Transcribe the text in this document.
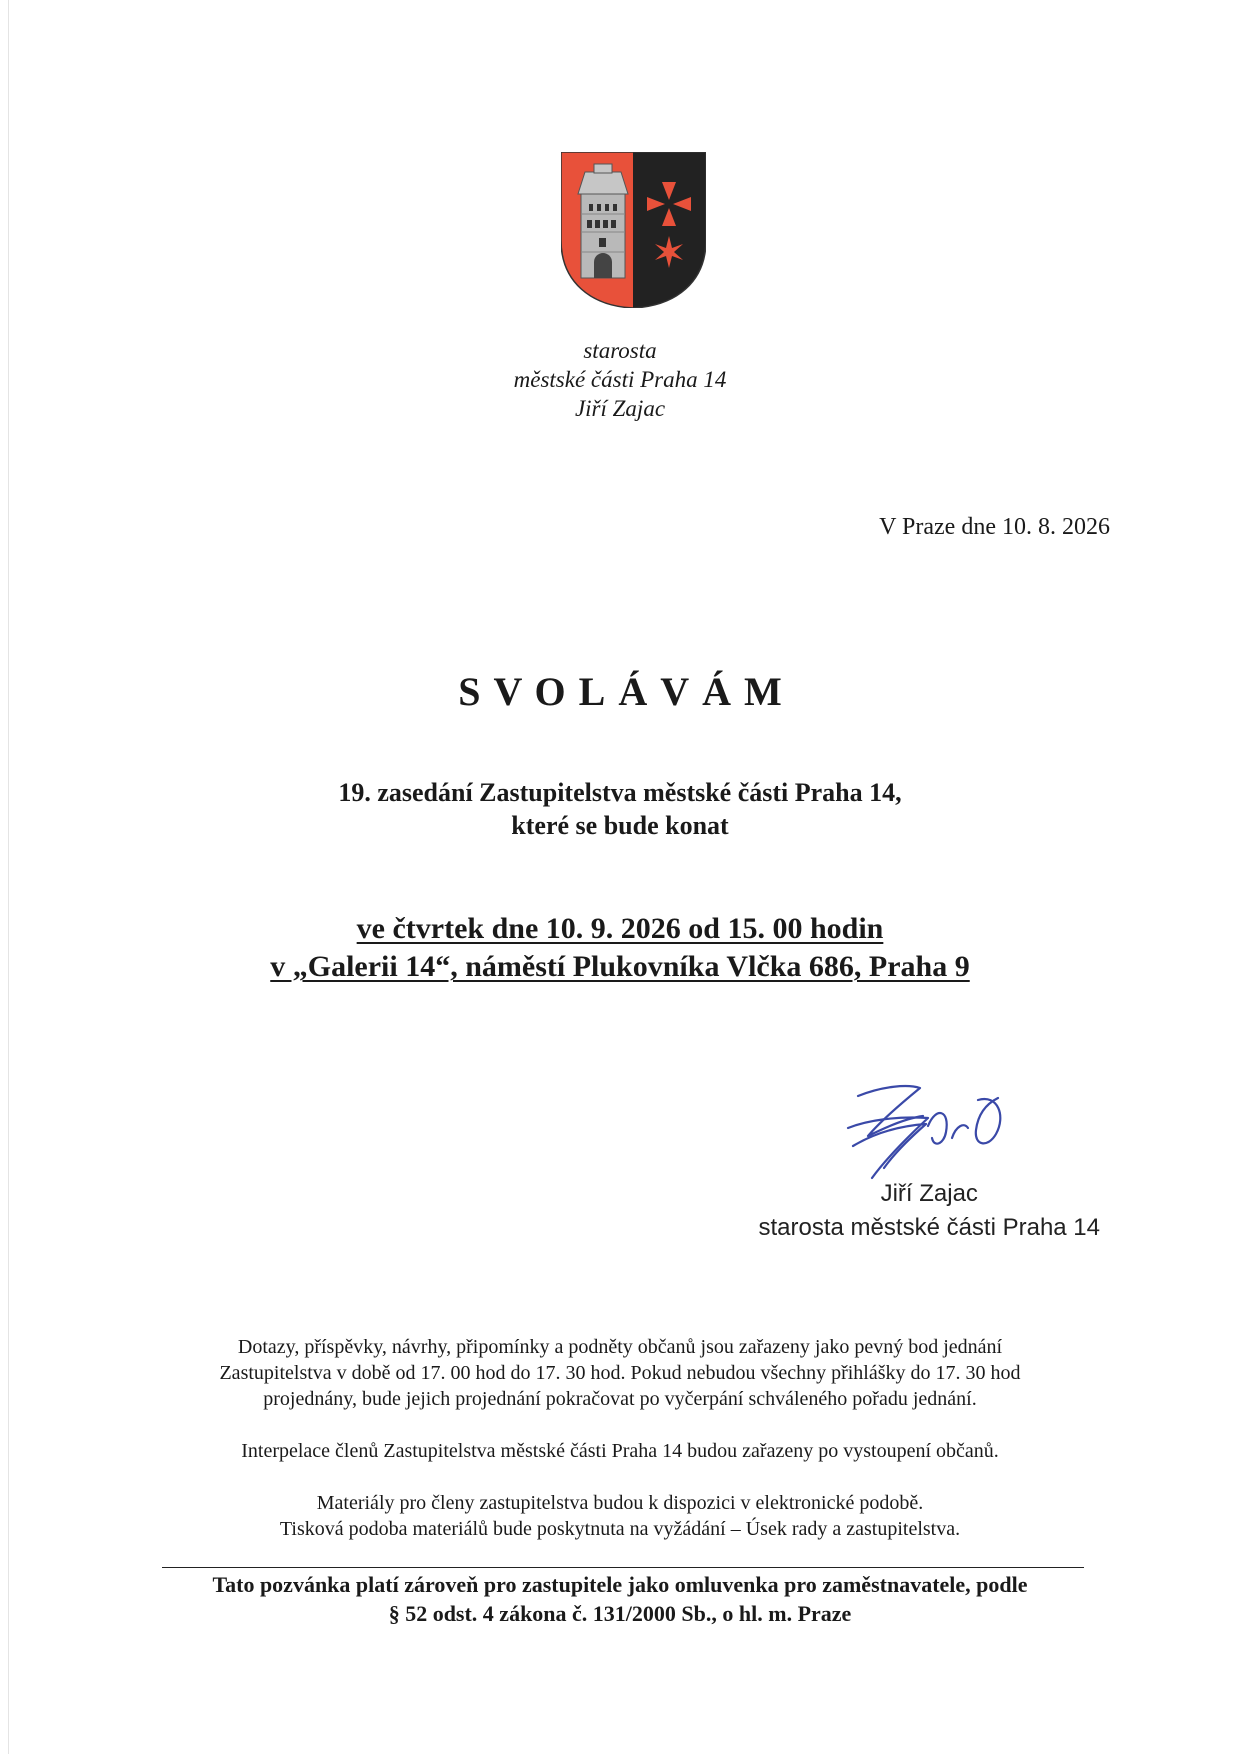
starosta
městské části Praha 14
Jiří Zajac
V Praze dne 10. 8. 2026
SVOLÁVÁM
19. zasedání Zastupitelstva městské části Praha 14,
které se bude konat
ve čtvrtek dne 10. 9. 2026 od 15. 00 hodin
v „Galerii 14“, náměstí Plukovníka Vlčka 686, Praha 9
Jiří Zajac
starosta městské části Praha 14

Dotazy, příspěvky, návrhy, připomínky a podněty občanů jsou zařazeny jako pevný bod jednání
Zastupitelstva v době od 17. 00 hod do 17. 30 hod. Pokud nebudou všechny přihlášky do 17. 30 hod
projednány, bude jejich projednání pokračovat po vyčerpání schváleného pořadu jednání.

Interpelace členů Zastupitelstva městské části Praha 14 budou zařazeny po vystoupení občanů.

Materiály pro členy zastupitelstva budou k dispozici v elektronické podobě.
Tisková podoba materiálů bude poskytnuta na vyžádání – Úsek rady a zastupitelstva.

Tato pozvánka platí zároveň pro zastupitele jako omluvenka pro zaměstnavatele, podle
§ 52 odst. 4 zákona č. 131/2000 Sb., o hl. m. Praze
